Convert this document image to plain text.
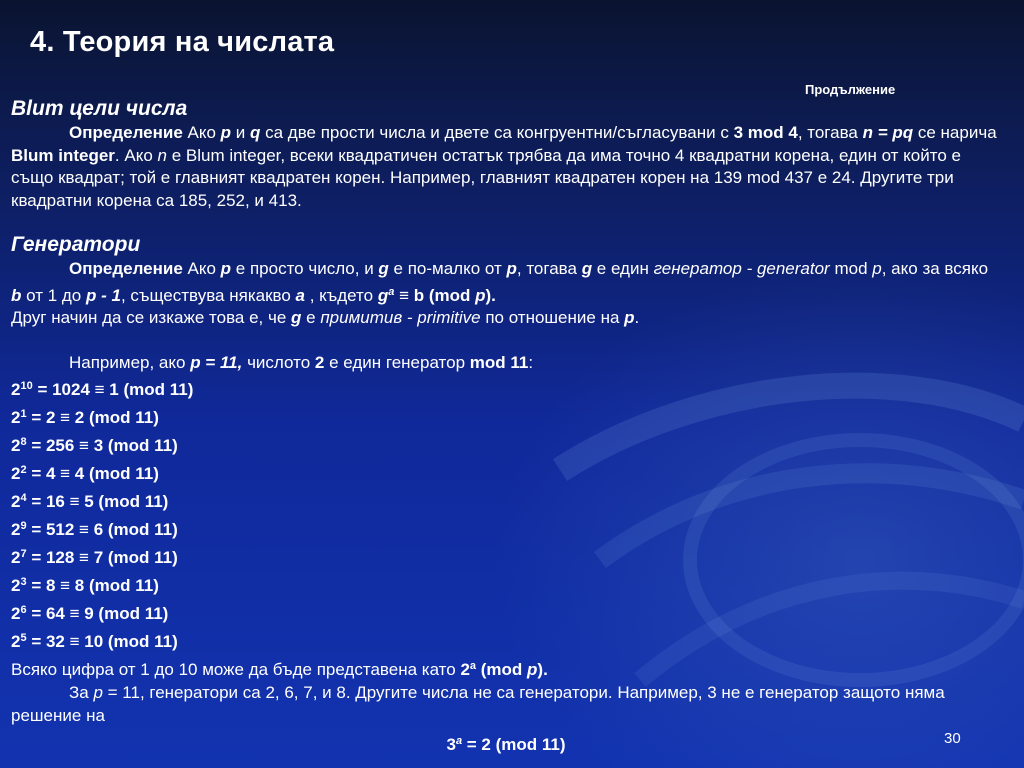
4. Теория на числата
Продължение

Blum цели числа

Определение Ако p и q са две прости числа и двете са конгруентни/съгласувани с 3 mod 4, тогава n = pq се нарича Blum integer. Ако n е Blum integer, всеки квадратичен остатък трябва да има точно 4 квадратни корена, един от който е също квадрат; той е главният квадратен корен. Например, главният квадратен корен на 139 mod 437 е 24. Другите три квадратни корена са 185, 252, и 413.

Генератори

Определение Ако p е просто число, и g е по-малко от p, тогава g е един генератор - generator mod p, ако за всяко b от 1 до p - 1, съществува някакво a , където $g^a \equiv b$ (mod p).

Друг начин да се изкаже това е, че g е примитив - primitive по отношение на p.

Например, ако p = 11, числото 2 е един генератор mod 11:

$2^{10} = 1024 \equiv 1$ (mod 11)

$2^1 = 2 \equiv 2$ (mod 11)

$2^8 = 256 \equiv 3$ (mod 11)

$2^2 = 4 \equiv 4$ (mod 11)

$2^4 = 16 \equiv 5$ (mod 11)

$2^9 = 512 \equiv 6$ (mod 11)

$2^7 = 128 \equiv 7$ (mod 11)

$2^3 = 8 \equiv 8$ (mod 11)

$2^6 = 64 \equiv 9$ (mod 11)

$2^5 = 32 \equiv 10$ (mod 11)

Всяко цифра от 1 до 10 може да бъде представена като 2$^a$ (mod p).

За p = 11, генератори са 2, 6, 7, и 8. Другите числа не са генератори. Например, 3 не е генератор защото няма решение на

$3^a = 2$ (mod 11)	30
